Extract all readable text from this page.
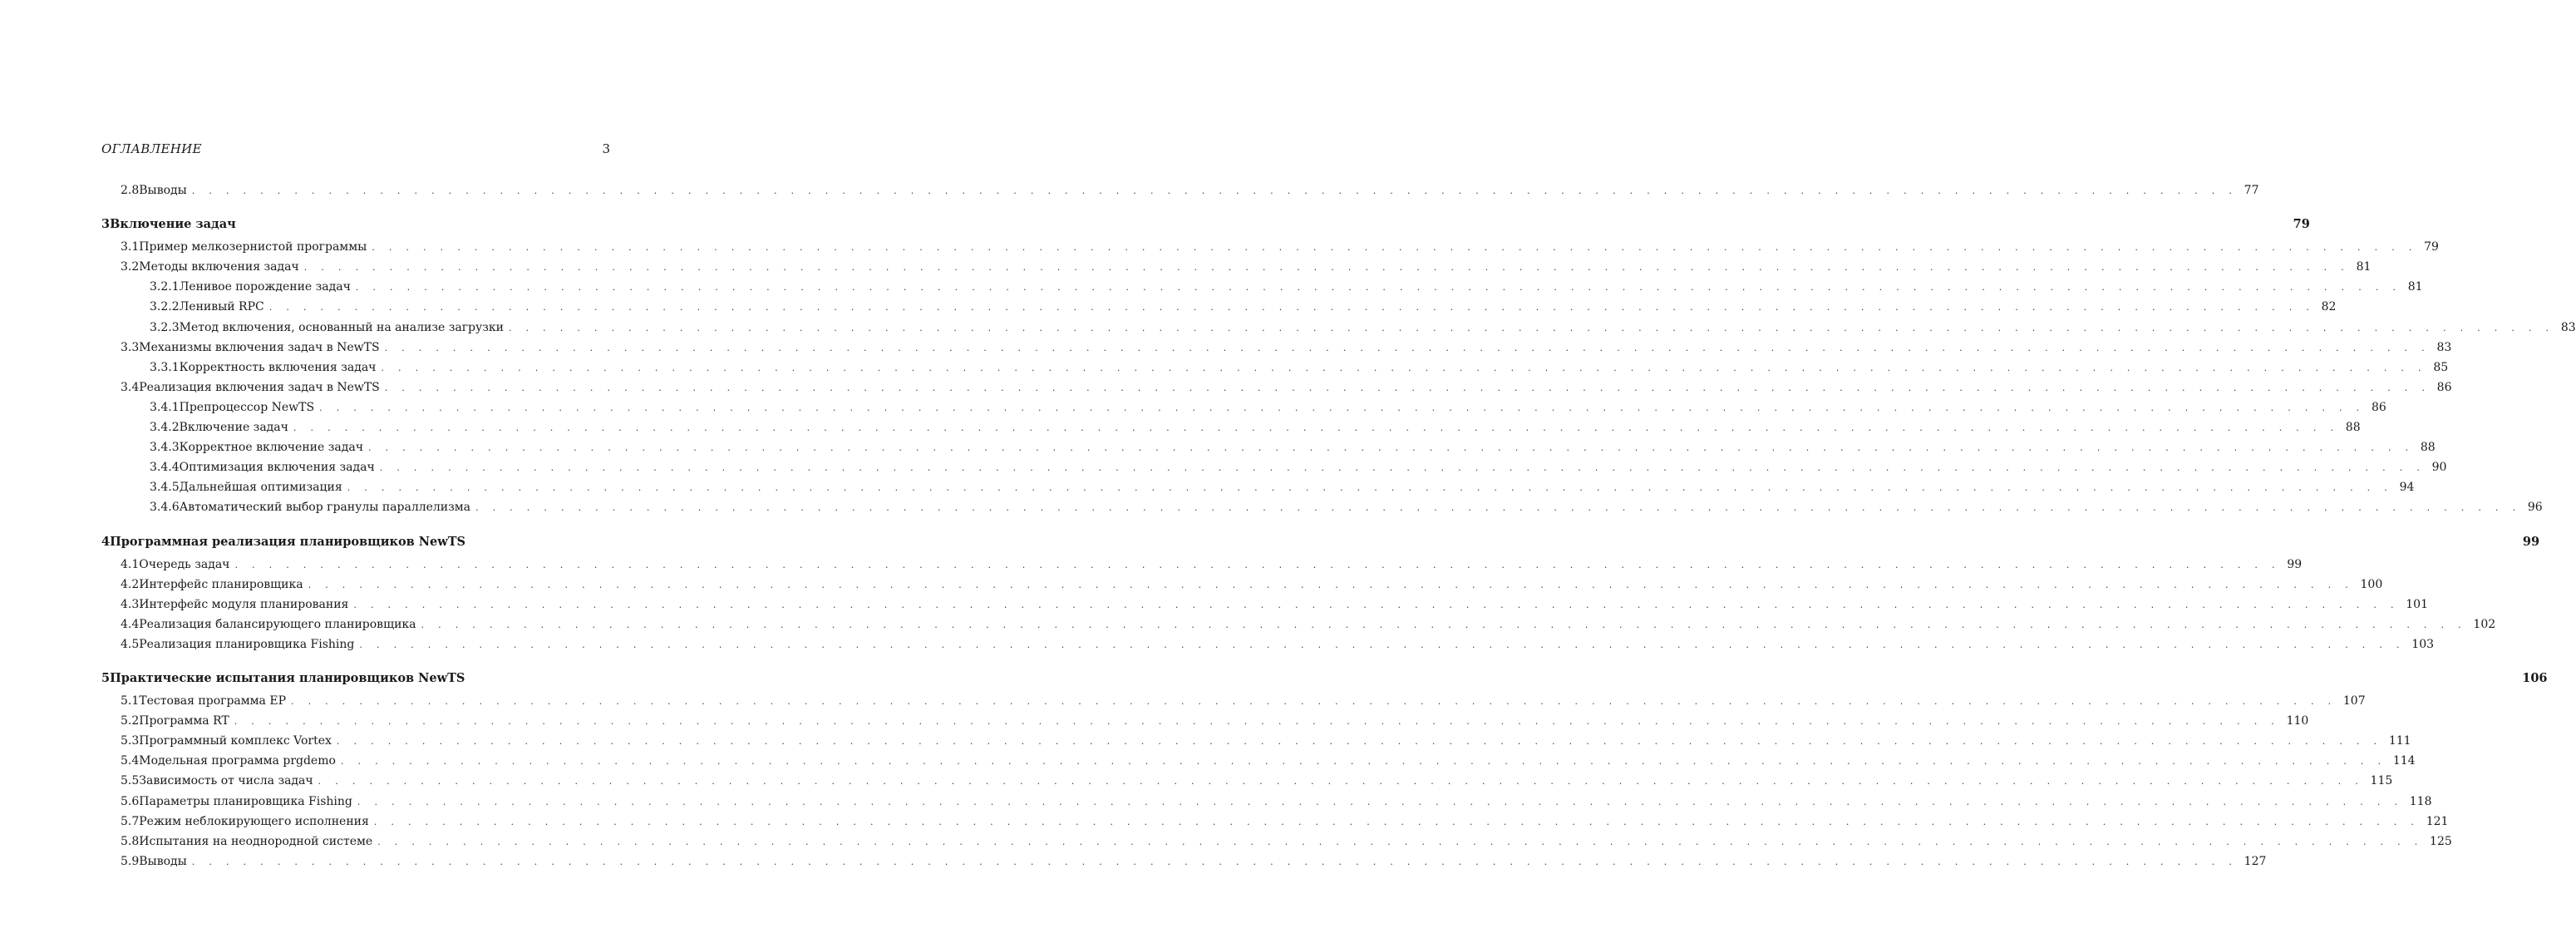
ОГЛАВЛЕНИЕ	3
2.8 Выводы . . . . . . . . . . . . . . . . . . . . . . . . . . . . . . . . . . . . . . . . . . . . . . . . . . . . . . . . . . . . . . . . . . . . . . . . . . . . . . . . . . . . . . . . . . . . . . . . . . . . . . . . . . . . . . . . . . . . . . . . 77
3 Включение задач	79
3.1 Пример мелкозернистой программы . . . . . . . . . . . . . . . . . . . . . . . . . . . . . . . . . . . . . . . . . . . . . . . . . . . . . . . . . . . . . . . . . . . . . . . . . . . . . . . . . . . . . . . . . . . . . . . . . . . . . . . . . . . . . . . . . . . . . . . . 79
3.2 Методы включения задач . . . . . . . . . . . . . . . . . . . . . . . . . . . . . . . . . . . . . . . . . . . . . . . . . . . . . . . . . . . . . . . . . . . . . . . . . . . . . . . . . . . . . . . . . . . . . . . . . . . . . . . . . . . . . . . . . . . . . . . . 81
3.2.1 Ленивое порождение задач . . . . . . . . . . . . . . . . . . . . . . . . . . . . . . . . . . . . . . . . . . . . . . . . . . . . . . . . . . . . . . . . . . . . . . . . . . . . . . . . . . . . . . . . . . . . . . . . . . . . . . . . . . . . . . . . . . . . . . . . 81
3.2.2 Ленивый RPC . . . . . . . . . . . . . . . . . . . . . . . . . . . . . . . . . . . . . . . . . . . . . . . . . . . . . . . . . . . . . . . . . . . . . . . . . . . . . . . . . . . . . . . . . . . . . . . . . . . . . . . . . . . . . . . . . . . . . . . . 82
3.2.3 Метод включения, основанный на анализе загрузки . . . . . . . . . . . . . . . . . . . . . . . . . . . . . . . . . . . . . . . . . . . . . . . . . . . . . . . . . . . . . . . . . . . . . . . . . . . . . . . . . . . . . . . . . . . . . . . . . . . . . . . . . . . . . . . . . . . . . . . . 83
3.3 Механизмы включения задач в NewTS . . . . . . . . . . . . . . . . . . . . . . . . . . . . . . . . . . . . . . . . . . . . . . . . . . . . . . . . . . . . . . . . . . . . . . . . . . . . . . . . . . . . . . . . . . . . . . . . . . . . . . . . . . . . . . . . . . . . . . . . 83
3.3.1 Корректность включения задач . . . . . . . . . . . . . . . . . . . . . . . . . . . . . . . . . . . . . . . . . . . . . . . . . . . . . . . . . . . . . . . . . . . . . . . . . . . . . . . . . . . . . . . . . . . . . . . . . . . . . . . . . . . . . . . . . . . . . . . . 85
3.4 Реализация включения задач в NewTS . . . . . . . . . . . . . . . . . . . . . . . . . . . . . . . . . . . . . . . . . . . . . . . . . . . . . . . . . . . . . . . . . . . . . . . . . . . . . . . . . . . . . . . . . . . . . . . . . . . . . . . . . . . . . . . . . . . . . . . . 86
3.4.1 Препроцессор NewTS . . . . . . . . . . . . . . . . . . . . . . . . . . . . . . . . . . . . . . . . . . . . . . . . . . . . . . . . . . . . . . . . . . . . . . . . . . . . . . . . . . . . . . . . . . . . . . . . . . . . . . . . . . . . . . . . . . . . . . . . 86
3.4.2 Включение задач . . . . . . . . . . . . . . . . . . . . . . . . . . . . . . . . . . . . . . . . . . . . . . . . . . . . . . . . . . . . . . . . . . . . . . . . . . . . . . . . . . . . . . . . . . . . . . . . . . . . . . . . . . . . . . . . . . . . . . . . 88
3.4.3 Корректное включение задач . . . . . . . . . . . . . . . . . . . . . . . . . . . . . . . . . . . . . . . . . . . . . . . . . . . . . . . . . . . . . . . . . . . . . . . . . . . . . . . . . . . . . . . . . . . . . . . . . . . . . . . . . . . . . . . . . . . . . . . . 88
3.4.4 Оптимизация включения задач . . . . . . . . . . . . . . . . . . . . . . . . . . . . . . . . . . . . . . . . . . . . . . . . . . . . . . . . . . . . . . . . . . . . . . . . . . . . . . . . . . . . . . . . . . . . . . . . . . . . . . . . . . . . . . . . . . . . . . . . 90
3.4.5 Дальнейшая оптимизация . . . . . . . . . . . . . . . . . . . . . . . . . . . . . . . . . . . . . . . . . . . . . . . . . . . . . . . . . . . . . . . . . . . . . . . . . . . . . . . . . . . . . . . . . . . . . . . . . . . . . . . . . . . . . . . . . . . . . . . . 94
3.4.6 Автоматический выбор гранулы параллелизма . . . . . . . . . . . . . . . . . . . . . . . . . . . . . . . . . . . . . . . . . . . . . . . . . . . . . . . . . . . . . . . . . . . . . . . . . . . . . . . . . . . . . . . . . . . . . . . . . . . . . . . . . . . . . . . . . . . . . . . . 96
4 Программная реализация планировщиков NewTS	99
4.1 Очередь задач . . . . . . . . . . . . . . . . . . . . . . . . . . . . . . . . . . . . . . . . . . . . . . . . . . . . . . . . . . . . . . . . . . . . . . . . . . . . . . . . . . . . . . . . . . . . . . . . . . . . . . . . . . . . . . . . . . . . . . . . 99
4.2 Интерфейс планировщика . . . . . . . . . . . . . . . . . . . . . . . . . . . . . . . . . . . . . . . . . . . . . . . . . . . . . . . . . . . . . . . . . . . . . . . . . . . . . . . . . . . . . . . . . . . . . . . . . . . . . . . . . . . . . . . . . . . . . . . . 100
4.3 Интерфейс модуля планирования . . . . . . . . . . . . . . . . . . . . . . . . . . . . . . . . . . . . . . . . . . . . . . . . . . . . . . . . . . . . . . . . . . . . . . . . . . . . . . . . . . . . . . . . . . . . . . . . . . . . . . . . . . . . . . . . . . . . . . . . 101
4.4 Реализация балансирующего планировщика . . . . . . . . . . . . . . . . . . . . . . . . . . . . . . . . . . . . . . . . . . . . . . . . . . . . . . . . . . . . . . . . . . . . . . . . . . . . . . . . . . . . . . . . . . . . . . . . . . . . . . . . . . . . . . . . . . . . . . . . 102
4.5 Реализация планировщика Fishing . . . . . . . . . . . . . . . . . . . . . . . . . . . . . . . . . . . . . . . . . . . . . . . . . . . . . . . . . . . . . . . . . . . . . . . . . . . . . . . . . . . . . . . . . . . . . . . . . . . . . . . . . . . . . . . . . . . . . . . . 103
5 Практические испытания планировщиков NewTS	106
5.1 Тестовая программа EP . . . . . . . . . . . . . . . . . . . . . . . . . . . . . . . . . . . . . . . . . . . . . . . . . . . . . . . . . . . . . . . . . . . . . . . . . . . . . . . . . . . . . . . . . . . . . . . . . . . . . . . . . . . . . . . . . . . . . . . . 107
5.2 Программа RT . . . . . . . . . . . . . . . . . . . . . . . . . . . . . . . . . . . . . . . . . . . . . . . . . . . . . . . . . . . . . . . . . . . . . . . . . . . . . . . . . . . . . . . . . . . . . . . . . . . . . . . . . . . . . . . . . . . . . . . . 110
5.3 Программный комплекс Vortex . . . . . . . . . . . . . . . . . . . . . . . . . . . . . . . . . . . . . . . . . . . . . . . . . . . . . . . . . . . . . . . . . . . . . . . . . . . . . . . . . . . . . . . . . . . . . . . . . . . . . . . . . . . . . . . . . . . . . . . . 111
5.4 Модельная программа prgdemo . . . . . . . . . . . . . . . . . . . . . . . . . . . . . . . . . . . . . . . . . . . . . . . . . . . . . . . . . . . . . . . . . . . . . . . . . . . . . . . . . . . . . . . . . . . . . . . . . . . . . . . . . . . . . . . . . . . . . . . . 114
5.5 Зависимость от числа задач . . . . . . . . . . . . . . . . . . . . . . . . . . . . . . . . . . . . . . . . . . . . . . . . . . . . . . . . . . . . . . . . . . . . . . . . . . . . . . . . . . . . . . . . . . . . . . . . . . . . . . . . . . . . . . . . . . . . . . . . 115
5.6 Параметры планировщика Fishing . . . . . . . . . . . . . . . . . . . . . . . . . . . . . . . . . . . . . . . . . . . . . . . . . . . . . . . . . . . . . . . . . . . . . . . . . . . . . . . . . . . . . . . . . . . . . . . . . . . . . . . . . . . . . . . . . . . . . . . . 118
5.7 Режим неблокирующего исполнения . . . . . . . . . . . . . . . . . . . . . . . . . . . . . . . . . . . . . . . . . . . . . . . . . . . . . . . . . . . . . . . . . . . . . . . . . . . . . . . . . . . . . . . . . . . . . . . . . . . . . . . . . . . . . . . . . . . . . . . . 121
5.8 Испытания на неоднородной системе . . . . . . . . . . . . . . . . . . . . . . . . . . . . . . . . . . . . . . . . . . . . . . . . . . . . . . . . . . . . . . . . . . . . . . . . . . . . . . . . . . . . . . . . . . . . . . . . . . . . . . . . . . . . . . . . . . . . . . . . 125
5.9 Выводы . . . . . . . . . . . . . . . . . . . . . . . . . . . . . . . . . . . . . . . . . . . . . . . . . . . . . . . . . . . . . . . . . . . . . . . . . . . . . . . . . . . . . . . . . . . . . . . . . . . . . . . . . . . . . . . . . . . . . . . . 127
